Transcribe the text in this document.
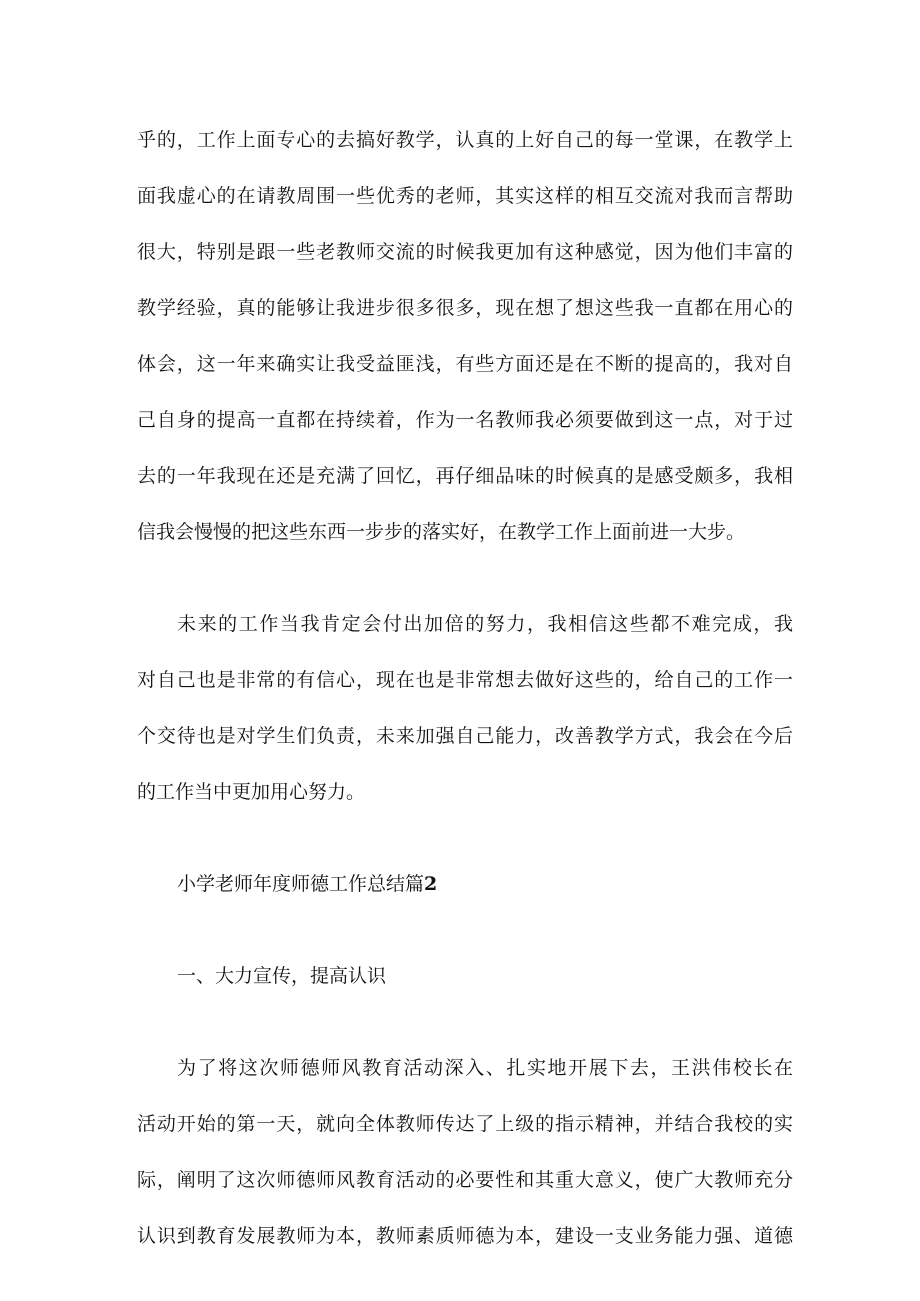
乎的，工作上面专心的去搞好教学，认真的上好自己的每一堂课，在教学上
面我虚心的在请教周围一些优秀的老师，其实这样的相互交流对我而言帮助
很大，特别是跟一些老教师交流的时候我更加有这种感觉，因为他们丰富的
教学经验，真的能够让我进步很多很多，现在想了想这些我一直都在用心的
体会，这一年来确实让我受益匪浅，有些方面还是在不断的提高的，我对自
己自身的提高一直都在持续着，作为一名教师我必须要做到这一点，对于过
去的一年我现在还是充满了回忆，再仔细品味的时候真的是感受颇多，我相
信我会慢慢的把这些东西一步步的落实好，在教学工作上面前进一大步。
未来的工作当我肯定会付出加倍的努力，我相信这些都不难完成，我
对自己也是非常的有信心，现在也是非常想去做好这些的，给自己的工作一
个交待也是对学生们负责，未来加强自己能力，改善教学方式，我会在今后
的工作当中更加用心努力。
小学老师年度师德工作总结篇2
一、大力宣传，提高认识
为了将这次师德师风教育活动深入、扎实地开展下去，王洪伟校长在
活动开始的第一天，就向全体教师传达了上级的指示精神，并结合我校的实
际，阐明了这次师德师风教育活动的必要性和其重大意义，使广大教师充分
认识到教育发展教师为本，教师素质师德为本，建设一支业务能力强、道德
